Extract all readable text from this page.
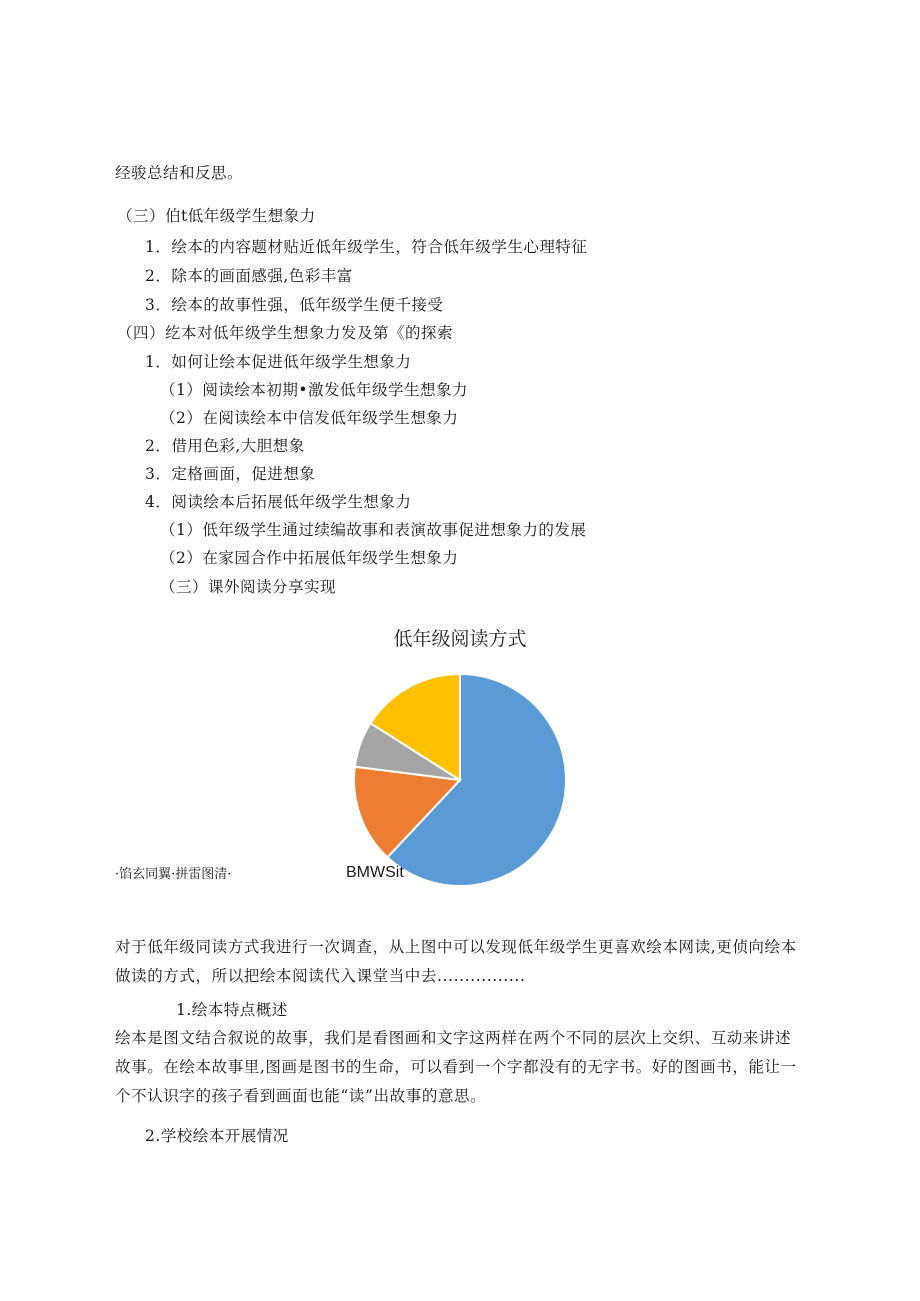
经骏总结和反思。
（三）伯t低年级学生想象力
1．绘本的内容题材贴近低年级学生，符合低年级学生心理特征
2．除本的画面感强,色彩丰富
3．绘本的故事性强，低年级学生便千接受
（四）纥本对低年级学生想象力发及第《的探索
1．如何让绘本促进低年级学生想象力
（1）阅读绘本初期•激发低年级学生想象力
（2）在阅读绘本中信发低年级学生想象力
2．借用色彩,大胆想象
3．定格画面，促进想象
4．阅读绘本后拓展低年级学生想象力
（1）低年级学生通过续编故事和表演故事促进想象力的发展
（2）在家园合作中拓展低年级学生想象力
（三）课外阅读分享实现
低年级阅读方式
·馅玄同翼·拼雷图清·	BMWSit
对于低年级同读方式我进行一次调查，从上图中可以发现低年级学生更喜欢绘本网读,更侦向绘本做读的方式，所以把绘本阅读代入课堂当中去................
1.绘本特点概述
绘本是图文结合叙说的故事，我们是看图画和文字这两样在两个不同的层次上交织、互动来讲述故事。在绘本故事里,图画是图书的生命，可以看到一个字都没有的无字书。好的图画书，能让一个不认识字的孩子看到画面也能“读”出故事的意思。
2.学校绘本开展情况
